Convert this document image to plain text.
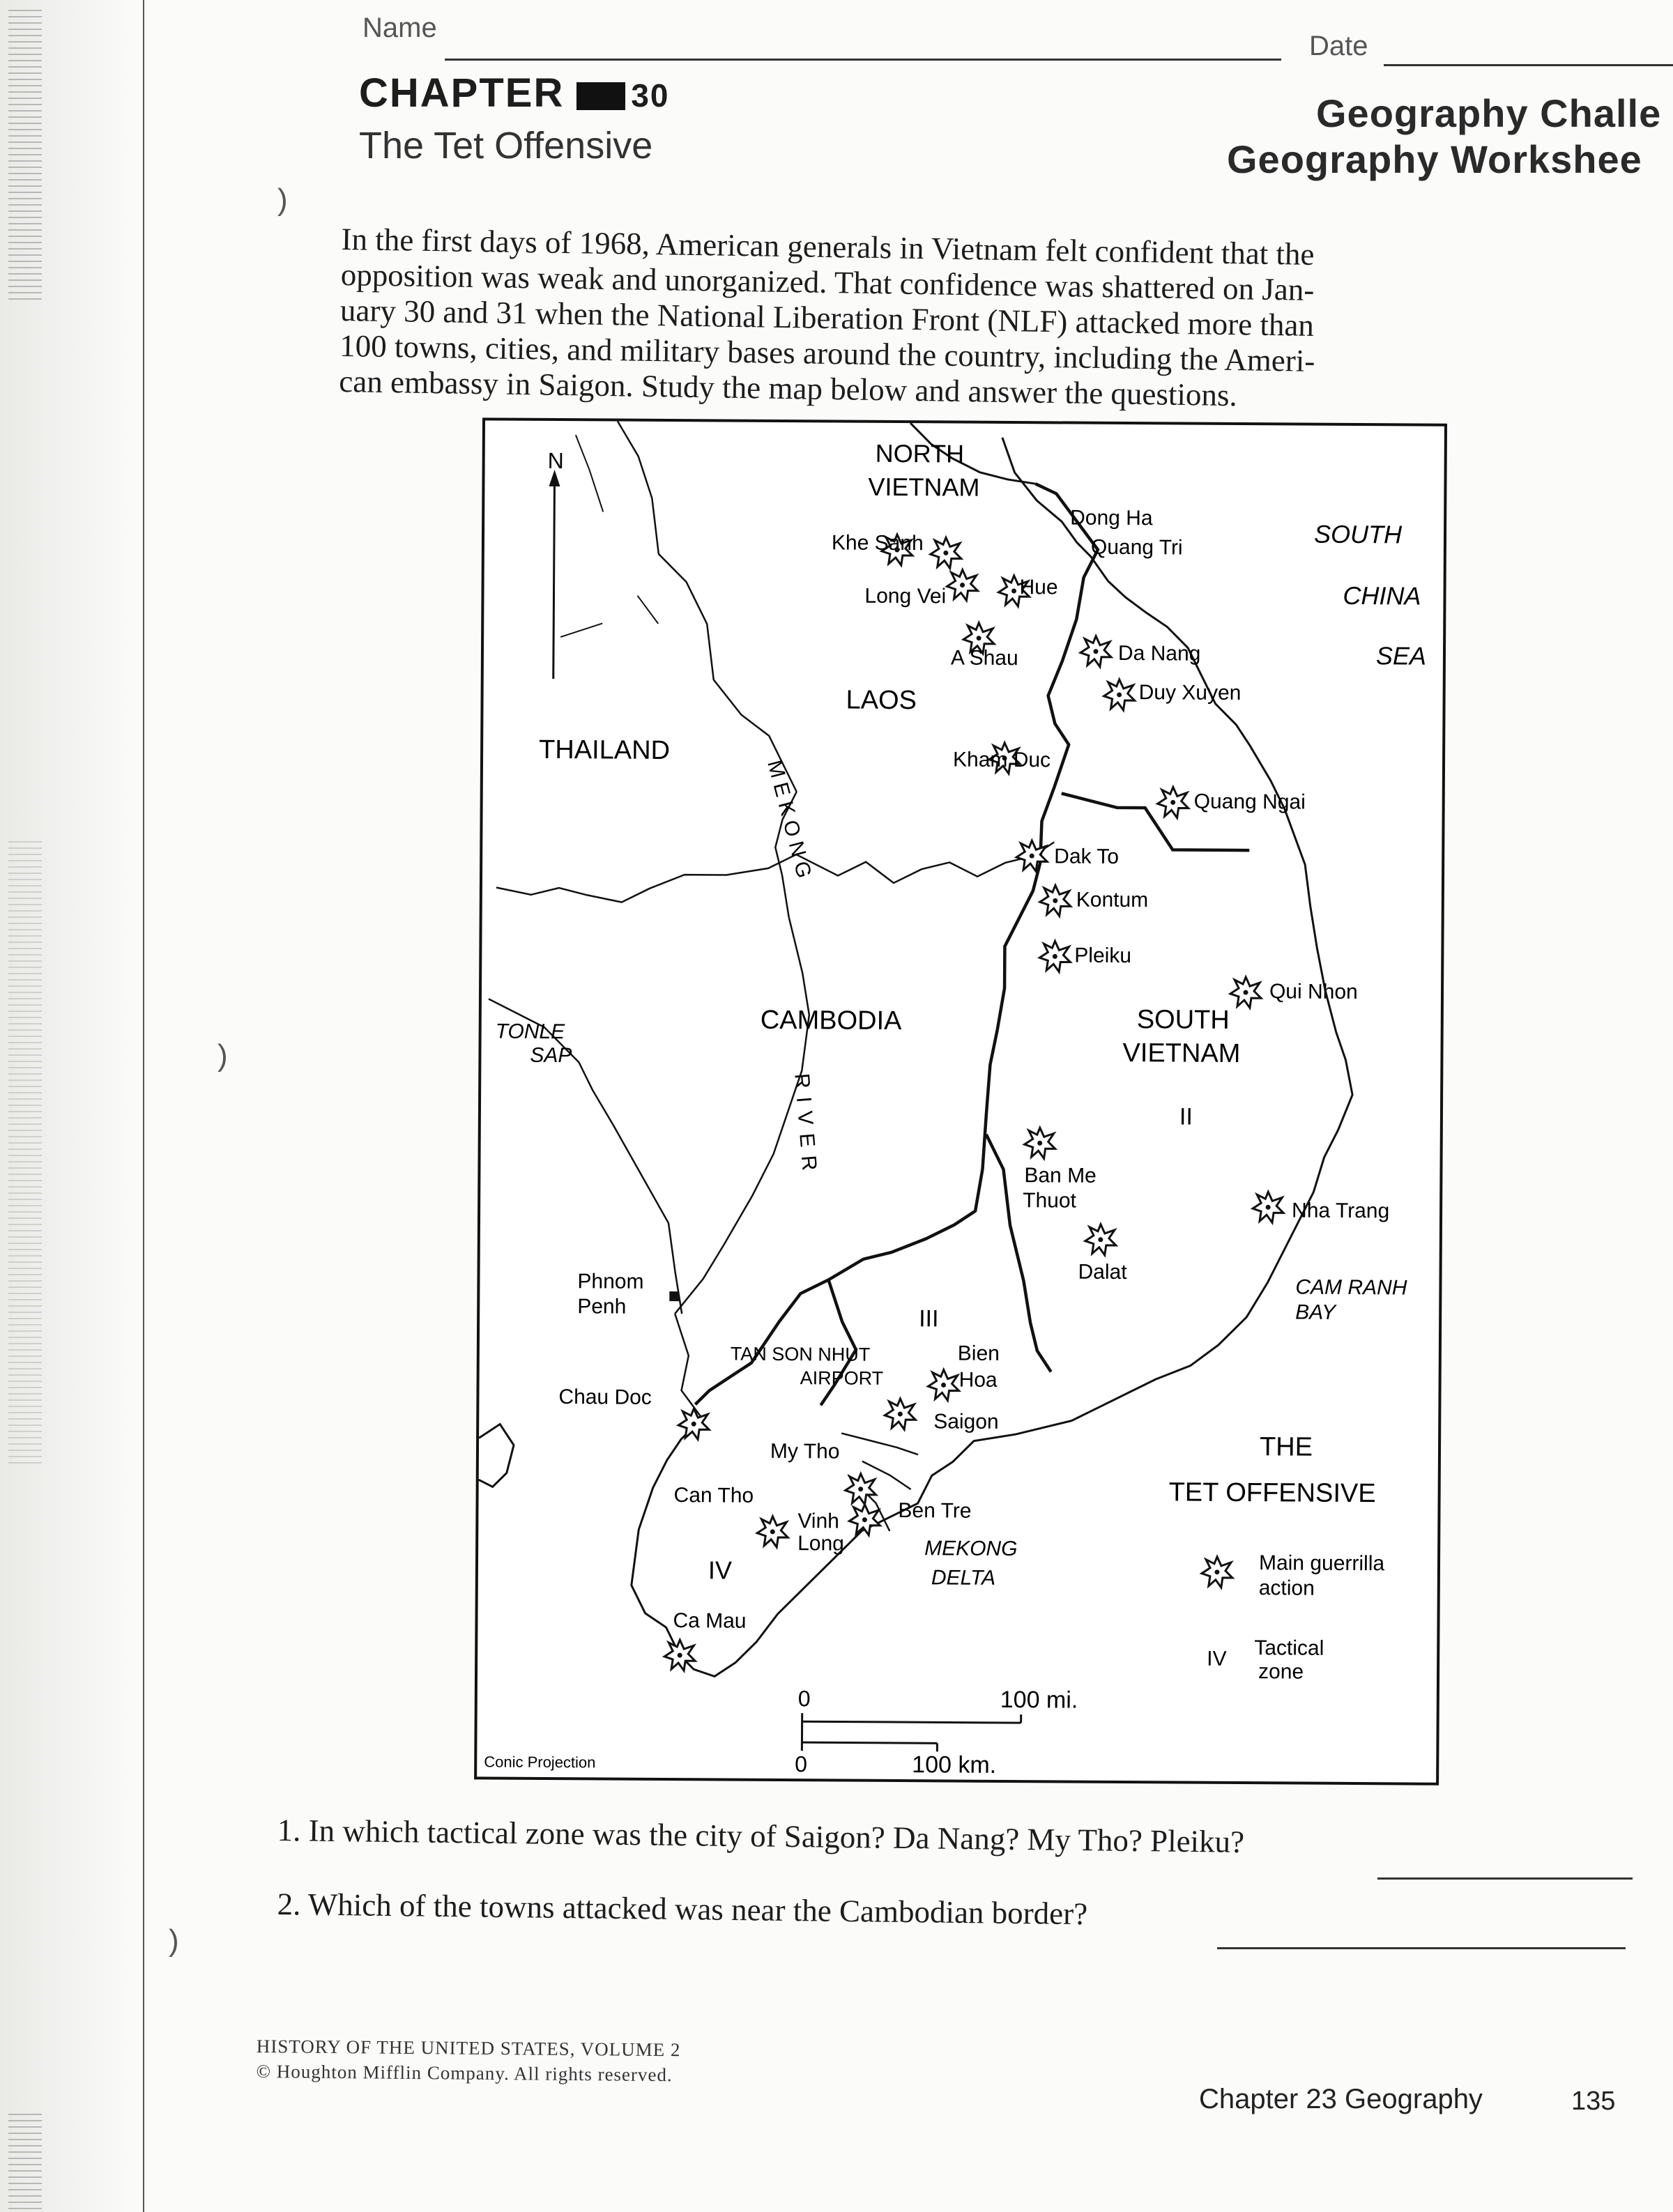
)
)
)
Name
Date
CHAPTER 30
The Tet Offensive
Geography Challe
Geography Workshee
In the first days of 1968, American generals in Vietnam felt confident that the
opposition was weak and unorganized. That confidence was shattered on Jan-
uary 30 and 31 when the National Liberation Front (NLF) attacked more than
100 towns, cities, and military bases around the country, including the Ameri-
can embassy in Saigon. Study the map below and answer the questions.
N	NORTH
VIETNAM
LAOS
THAILAND
CAMBODIA	SOUTH
VIETNAM
SOUTH
CHINA
SEA
TONLE
SAP
MEKONG
RIVER
MEKONG
DELTA
CAM RANH
BAY
II
III
IV
Dong Ha
Quang Tri
Khe Sanh
Hue
Long Vei
A Shau	Da Nang
Duy Xuyen
Kham Duc
Quang Ngai
Dak To
Kontum
Pleiku
Qui Nhon
Ban Me
Thuot	Nha Trang
Dalat
Phnom
Penh
TAN SON NHUT
AIRPORT
Bien
Hoa
Saigon
Chau Doc
My Tho
Can Tho
Vinh
Long
Ben Tre
Ca Mau
THE
TET OFFENSIVE
Main guerrilla
action
IV Tactical
zone
0	100 mi.
0	100 km.
Conic Projection
1. In which tactical zone was the city of Saigon? Da Nang? My Tho? Pleiku?
2. Which of the towns attacked was near the Cambodian border?
HISTORY OF THE UNITED STATES, VOLUME 2
© Houghton Mifflin Company. All rights reserved.
Chapter 23 Geography	135
